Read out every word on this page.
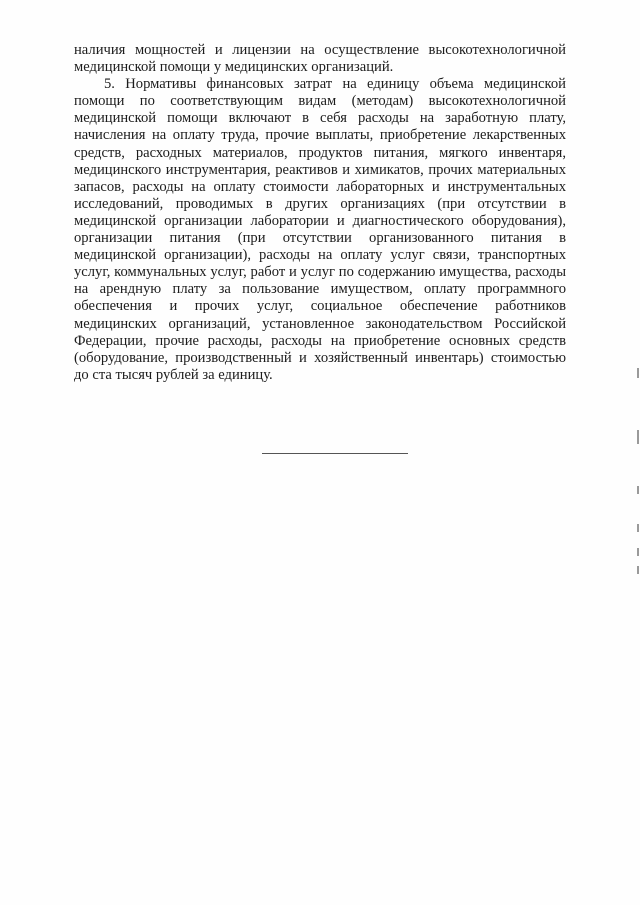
наличия мощностей и лицензии на осуществление высокотехнологичной медицинской помощи у медицинских организаций.

5. Нормативы финансовых затрат на единицу объема медицинской помощи по соответствующим видам (методам) высокотехнологичной медицинской помощи включают в себя расходы на заработную плату, начисления на оплату труда, прочие выплаты, приобретение лекарственных средств, расходных материалов, продуктов питания, мягкого инвентаря, медицинского инструментария, реактивов и химикатов, прочих материальных запасов, расходы на оплату стоимости лабораторных и инструментальных исследований, проводимых в других организациях (при отсутствии в медицинской организации лаборатории и диагностического оборудования), организации питания (при отсутствии организованного питания в медицинской организации), расходы на оплату услуг связи, транспортных услуг, коммунальных услуг, работ и услуг по содержанию имущества, расходы на арендную плату за пользование имуществом, оплату программного обеспечения и прочих услуг, социальное обеспечение работников медицинских организаций, установленное законодательством Российской Федерации, прочие расходы, расходы на приобретение основных средств (оборудование, производственный и хозяйственный инвентарь) стоимостью до ста тысяч рублей за единицу.
